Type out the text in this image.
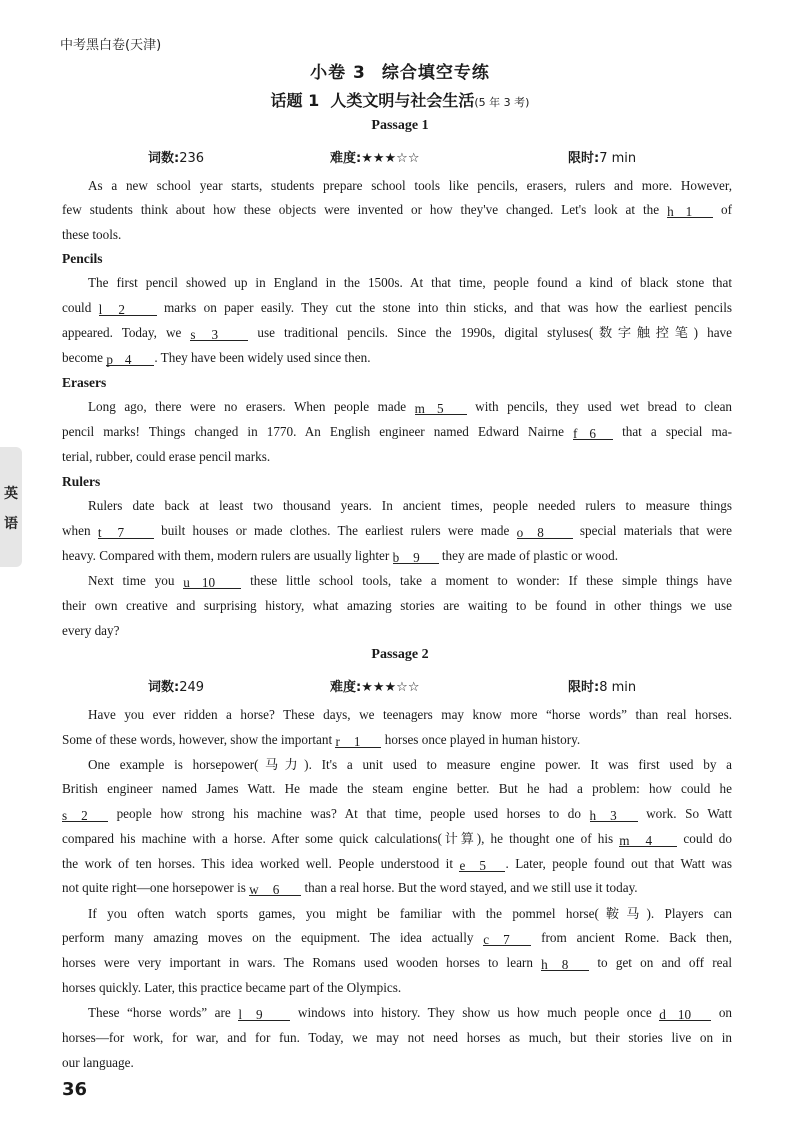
中考黑白卷(天津)
小卷 3 综合填空专练
话题 1 人类文明与社会生活(5 年 3 考)
Passage 1
词数:236	难度:★★★☆☆	限时:7 min
As a new school year starts, students prepare school tools like pencils, erasers, rulers and more. However,
few students think about how these objects were invented or how they've changed. Let's look at the h 1 of
these tools.
Pencils
The first pencil showed up in England in the 1500s. At that time, people found a kind of black stone that
could l 2 marks on paper easily. They cut the stone into thin sticks, and that was how the earliest pencils
appeared. Today, we s 3 use traditional pencils. Since the 1990s, digital styluses(数字触控笔) have
become p 4 . They have been widely used since then.
Erasers
Long ago, there were no erasers. When people made m 5 with pencils, they used wet bread to clean
pencil marks! Things changed in 1770. An English engineer named Edward Nairne f 6 that a special ma-
terial, rubber, could erase pencil marks.
Rulers
Rulers date back at least two thousand years. In ancient times, people needed rulers to measure things
when t 7 built houses or made clothes. The earliest rulers were made o 8 special materials that were
heavy. Compared with them, modern rulers are usually lighter b 9 they are made of plastic or wood.
Next time you u 10 these little school tools, take a moment to wonder: If these simple things have
their own creative and surprising history, what amazing stories are waiting to be found in other things we use
every day?
Passage 2
词数:249	难度:★★★☆☆	限时:8 min
Have you ever ridden a horse? These days, we teenagers may know more “horse words” than real horses.
Some of these words, however, show the important r 1 horses once played in human history.
One example is horsepower(马力). It's a unit used to measure engine power. It was first used by a
British engineer named James Watt. He made the steam engine better. But he had a problem: how could he
s 2 people how strong his machine was? At that time, people used horses to do h 3 work. So Watt
compared his machine with a horse. After some quick calculations(计算), he thought one of his m 4 could do
the work of ten horses. This idea worked well. People understood it e 5 . Later, people found out that Watt was
not quite right—one horsepower is w 6 than a real horse. But the word stayed, and we still use it today.
If you often watch sports games, you might be familiar with the pommel horse(鞍马). Players can
perform many amazing moves on the equipment. The idea actually c 7 from ancient Rome. Back then,
horses were very important in wars. The Romans used wooden horses to learn h 8 to get on and off real
horses quickly. Later, this practice became part of the Olympics.
These “horse words” are l 9 windows into history. They show us how much people once d 10 on
horses—for work, for war, and for fun. Today, we may not need horses as much, but their stories live on in
our language.
英
语
36
